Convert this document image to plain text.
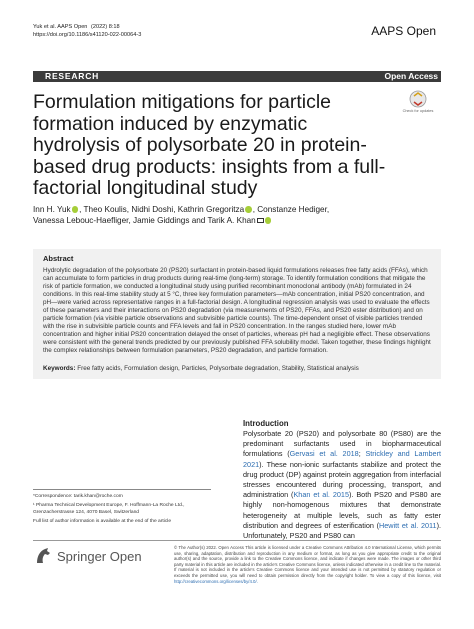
Yuk et al. AAPS Open (2022) 8:18
https://doi.org/10.1186/s41120-022-00064-3	AAPS Open
RESEARCH	Open Access
Check for updates
Formulation mitigations for particle formation induced by enzymatic hydrolysis of polysorbate 20 in protein-based drug products: insights from a full-factorial longitudinal study
Inn H. Yuk , Theo Koulis, Nidhi Doshi, Kathrin Gregoritza , Constanze Hediger,
Vanessa Lebouc-Haefliger, Jamie Giddings and Tarik A. Khan
Abstract

Hydrolytic degradation of the polysorbate 20 (PS20) surfactant in protein-based liquid formulations releases free fatty acids (FFAs), which can accumulate to form particles in drug products during real-time (long-term) storage. To identify formulation conditions that mitigate the risk of particle formation, we conducted a longitudinal study using purified recombinant monoclonal antibody (mAb) formulated in 24 conditions. In this real-time stability study at 5 °C, three key formulation parameters—mAb concentration, initial PS20 concentration, and pH—were varied across representative ranges in a full-factorial design. A longitudinal regression analysis was used to evaluate the effects of these parameters and their interactions on PS20 degradation (via measurements of PS20, FFAs, and PS20 ester distribution) and on particle formation (via visible particle observations and subvisible particle counts). The time-dependent onset of visible particles trended with the rise in subvisible particle counts and FFA levels and fall in PS20 concentration. In the ranges studied here, lower mAb concentration and higher initial PS20 concentration delayed the onset of particles, whereas pH had a negligible effect. These observations were consistent with the general trends predicted by our previously published FFA solubility model. Taken together, these findings highlight the complex relationships between formulation parameters, PS20 degradation, and particle formation.

Keywords: Free fatty acids, Formulation design, Particles, Polysorbate degradation, Stability, Statistical analysis
Introduction

Polysorbate 20 (PS20) and polysorbate 80 (PS80) are the predominant surfactants used in biopharmaceutical formulations (Gervasi et al. 2018; Strickley and Lambert 2021). These non-ionic surfactants stabilize and protect the drug product (DP) against protein aggregation from interfacial stresses encountered during processing, transport, and administration (Khan et al. 2015). Both PS20 and PS80 are highly non-homogenous mixtures that demonstrate heterogeneity at multiple levels, such as fatty ester distribution and degrees of esterification (Hewitt et al. 2011). Unfortunately, PS20 and PS80 can

*Correspondence: tarik.khan@roche.com
¹ Pharma Technical Development Europe, F. Hoffmann-La Roche Ltd., Grenzacherstrasse 124, 4070 Basel, Switzerland
Full list of author information is available at the end of the article
Springer Open

© The Author(s) 2022. Open Access This article is licensed under a Creative Commons Attribution 4.0 International License, which permits use, sharing, adaptation, distribution and reproduction in any medium or format, as long as you give appropriate credit to the original author(s) and the source, provide a link to the Creative Commons licence, and indicate if changes were made. The images or other third party material in this article are included in the article's Creative Commons licence, unless indicated otherwise in a credit line to the material. If material is not included in the article's Creative Commons licence and your intended use is not permitted by statutory regulation or exceeds the permitted use, you will need to obtain permission directly from the copyright holder. To view a copy of this licence, visit http://creativecommons.org/licenses/by/4.0/.
